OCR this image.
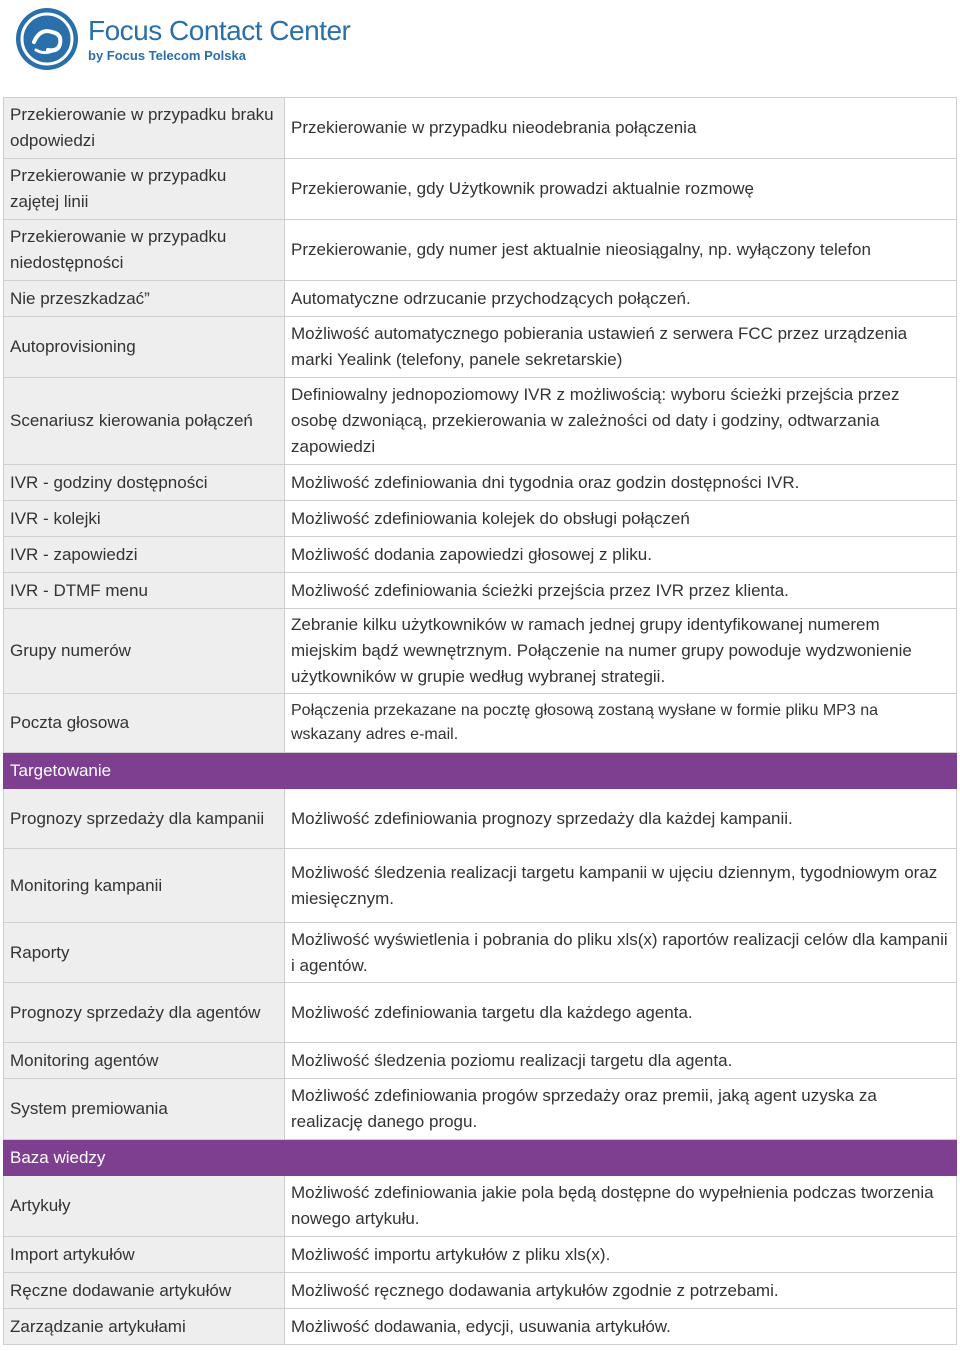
Focus Contact Center
by Focus Telecom Polska
Przekierowanie w przypadku braku odpowiedzi	Przekierowanie w przypadku nieodebrania połączenia
Przekierowanie w przypadku zajętej linii	Przekierowanie, gdy Użytkownik prowadzi aktualnie rozmowę
Przekierowanie w przypadku niedostępności	Przekierowanie, gdy numer jest aktualnie nieosiągalny, np. wyłączony telefon
Nie przeszkadzać”	Automatyczne odrzucanie przychodzących połączeń.
Autoprovisioning	Możliwość automatycznego pobierania ustawień z serwera FCC przez urządzenia marki Yealink (telefony, panele sekretarskie)
Scenariusz kierowania połączeń	Definiowalny jednopoziomowy IVR z możliwością: wyboru ścieżki przejścia przez osobę dzwoniącą, przekierowania w zależności od daty i godziny, odtwarzania zapowiedzi
IVR - godziny dostępności	Możliwość zdefiniowania dni tygodnia oraz godzin dostępności IVR.
IVR - kolejki	Możliwość zdefiniowania kolejek do obsługi połączeń
IVR - zapowiedzi	Możliwość dodania zapowiedzi głosowej z pliku.
IVR - DTMF menu	Możliwość zdefiniowania ścieżki przejścia przez IVR przez klienta.
Grupy numerów	Zebranie kilku użytkowników w ramach jednej grupy identyfikowanej numerem miejskim bądź wewnętrznym. Połączenie na numer grupy powoduje wydzwonienie użytkowników w grupie według wybranej strategii.
Poczta głosowa	Połączenia przekazane na pocztę głosową zostaną wysłane w formie pliku MP3 na wskazany adres e-mail.
Targetowanie	
Prognozy sprzedaży dla kampanii	Możliwość zdefiniowania prognozy sprzedaży dla każdej kampanii.
Monitoring kampanii	Możliwość śledzenia realizacji targetu kampanii w ujęciu dziennym, tygodniowym oraz miesięcznym.
Raporty	Możliwość wyświetlenia i pobrania do pliku xls(x) raportów realizacji celów dla kampanii i agentów.
Prognozy sprzedaży dla agentów	Możliwość zdefiniowania targetu dla każdego agenta.
Monitoring agentów	Możliwość śledzenia poziomu realizacji targetu dla agenta.
System premiowania	Możliwość zdefiniowania progów sprzedaży oraz premii, jaką agent uzyska za realizację danego progu.
Baza wiedzy	
Artykuły	Możliwość zdefiniowania jakie pola będą dostępne do wypełnienia podczas tworzenia nowego artykułu.
Import artykułów	Możliwość importu artykułów z pliku xls(x).
Ręczne dodawanie artykułów	Możliwość ręcznego dodawania artykułów zgodnie z potrzebami.
Zarządzanie artykułami	Możliwość dodawania, edycji, usuwania artykułów.
